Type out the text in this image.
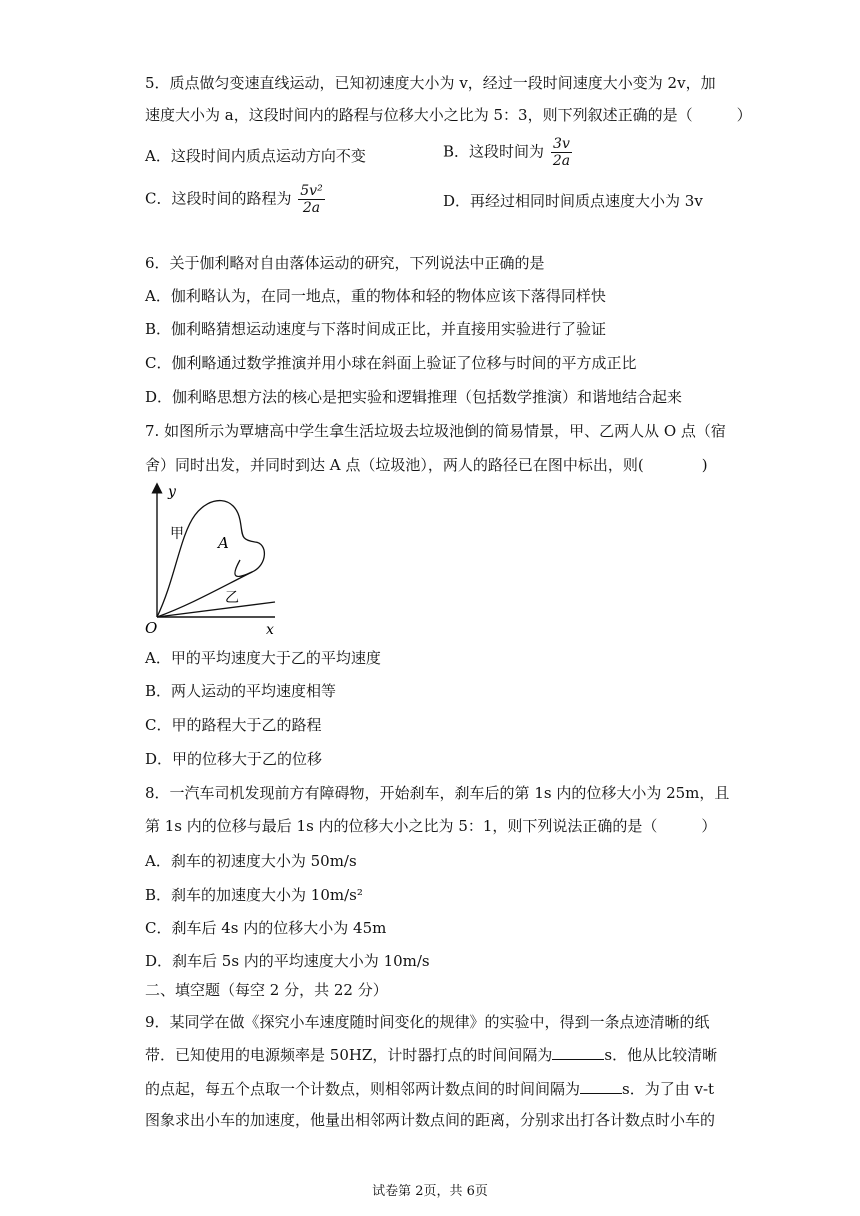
5．质点做匀变速直线运动，已知初速度大小为 v，经过一段时间速度大小变为 2v，加
速度大小为 a，这段时间内的路程与位移大小之比为 5：3，则下列叙述正确的是（	）
A．这段时间内质点运动方向不变	B．这段时间为 $\frac{3v}{2a}$
C．这段时间的路程为 $\frac{\text{5v²}}{2a}$	D．再经过相同时间质点速度大小为 3v
6．关于伽利略对自由落体运动的研究，下列说法中正确的是
A．伽利略认为，在同一地点，重的物体和轻的物体应该下落得同样快
B．伽利略猜想运动速度与下落时间成正比，并直接用实验进行了验证
C．伽利略通过数学推演并用小球在斜面上验证了位移与时间的平方成正比
D．伽利略思想方法的核心是把实验和逻辑推理（包括数学推演）和谐地结合起来
7. 如图所示为覃塘高中学生拿生活垃圾去垃圾池倒的简易情景，甲、乙两人从 O 点（宿
舍）同时出发，并同时到达 A 点（垃圾池），两人的路径已在图中标出，则(	)
y
甲 A
乙
O	x
A．甲的平均速度大于乙的平均速度
B．两人运动的平均速度相等
C．甲的路程大于乙的路程
D．甲的位移大于乙的位移
8．一汽车司机发现前方有障碍物，开始刹车，刹车后的第 1s 内的位移大小为 25m，且
第 1s 内的位移与最后 1s 内的位移大小之比为 5：1，则下列说法正确的是（	）
A．刹车的初速度大小为 50m/s
B．刹车的加速度大小为 10m/s²
C．刹车后 4s 内的位移大小为 45m
D．刹车后 5s 内的平均速度大小为 10m/s
二、填空题（每空 2 分，共 22 分）
9．某同学在做《探究小车速度随时间变化的规律》的实验中，得到一条点迹清晰的纸
带．已知使用的电源频率是 50HZ，计时器打点的时间间隔为	s．他从比较清晰
的点起，每五个点取一个计数点，则相邻两计数点间的时间间隔为	s．为了由 v-t
图象求出小车的加速度，他量出相邻两计数点间的距离，分别求出打各计数点时小车的
试卷第 2页，共 6页
